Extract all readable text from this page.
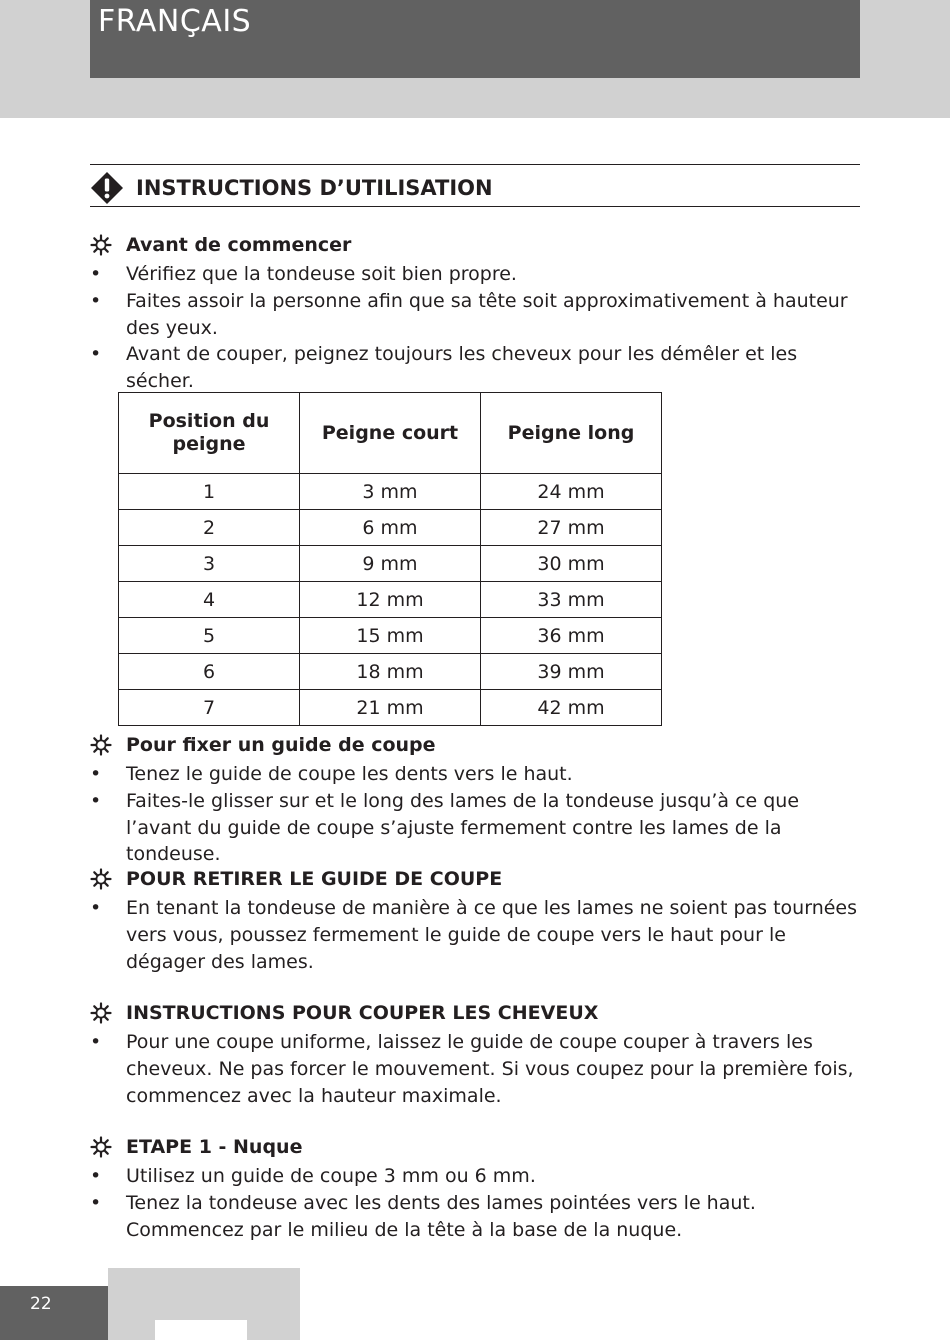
FRANÇAIS
INSTRUCTIONS D’UTILISATION
Avant de commencer
• Vérifiez que la tondeuse soit bien propre.
• Faites assoir la personne afin que sa tête soit approximativement à hauteur des yeux.
• Avant de couper, peignez toujours les cheveux pour les démêler et les sécher.
Position du peigne	Peigne court	Peigne long
1	3 mm	24 mm
2	6 mm	27 mm
3	9 mm	30 mm
4	12 mm	33 mm
5	15 mm	36 mm
6	18 mm	39 mm
7	21 mm	42 mm
Pour fixer un guide de coupe
• Tenez le guide de coupe les dents vers le haut.
• Faites-le glisser sur et le long des lames de la tondeuse jusqu’à ce que l’avant du guide de coupe s’ajuste fermement contre les lames de la tondeuse.
POUR RETIRER LE GUIDE DE COUPE
• En tenant la tondeuse de manière à ce que les lames ne soient pas tournées vers vous, poussez fermement le guide de coupe vers le haut pour le dégager des lames.
INSTRUCTIONS POUR COUPER LES CHEVEUX
• Pour une coupe uniforme, laissez le guide de coupe couper à travers les cheveux. Ne pas forcer le mouvement. Si vous coupez pour la première fois, commencez avec la hauteur maximale.
ETAPE 1 - Nuque
• Utilisez un guide de coupe 3 mm ou 6 mm.
• Tenez la tondeuse avec les dents des lames pointées vers le haut. Commencez par le milieu de la tête à la base de la nuque.
22
